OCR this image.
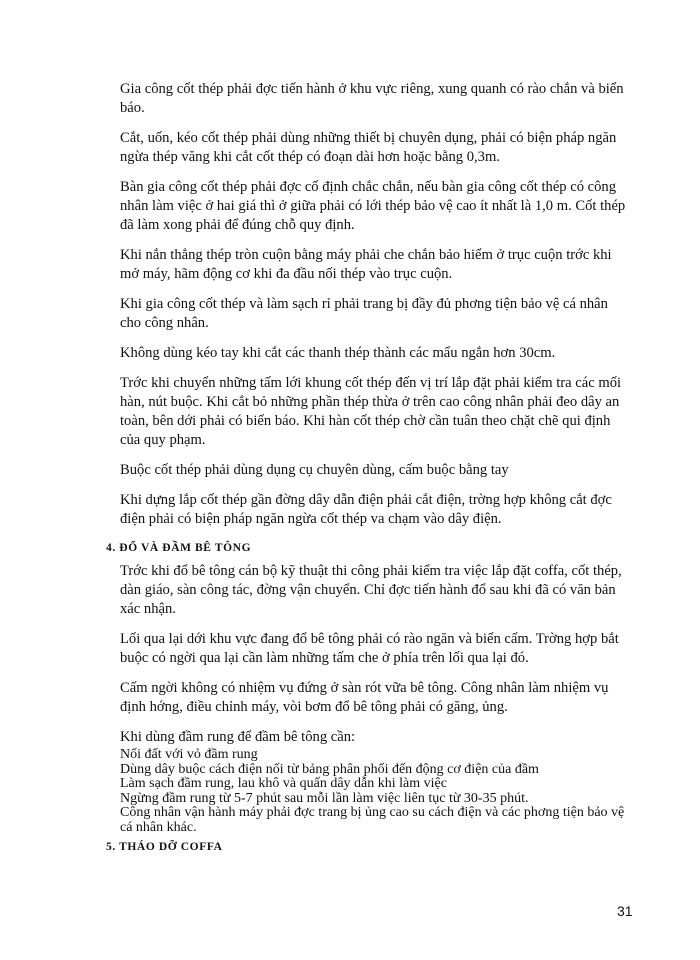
Gia công cốt thép phải đợc tiến hành ở khu vực riêng, xung quanh có rào chắn và biển báo.

Cắt, uốn, kéo cốt thép phải dùng những thiết bị chuyên dụng, phải có biện pháp ngăn ngừa thép văng khi cắt cốt thép có đoạn dài hơn hoặc bằng 0,3m.

Bàn gia công cốt thép phải đợc cố định chắc chắn, nếu bàn gia công cốt thép có công nhân làm việc ở hai giá thì ở giữa phải có lới thép bảo vệ cao ít nhất là 1,0 m. Cốt thép đã làm xong phải để đúng chỗ quy định.

Khi nắn thẳng thép tròn cuộn bằng máy phải che chắn bảo hiểm ở trục cuộn trớc khi mở máy, hãm động cơ khi đa đầu nối thép vào trục cuộn.

Khi gia công cốt thép và làm sạch rỉ phải trang bị đầy đủ phơng tiện bảo vệ cá nhân cho công nhân.

Không dùng kéo tay khi cắt các thanh thép thành các mẩu ngắn hơn 30cm.

Trớc khi chuyển những tấm lới khung cốt thép đến vị trí lắp đặt phải kiểm tra các mối hàn, nút buộc. Khi cắt bỏ những phần thép thừa ở trên cao công nhân phải đeo dây an toàn, bên dới phải có biển báo. Khi hàn cốt thép chờ cần tuân theo chặt chẽ qui định của quy phạm.

Buộc cốt thép phải dùng dụng cụ chuyên dùng, cấm buộc bằng tay

Khi dựng lắp cốt thép gần đờng dây dẫn điện phải cắt điện, trờng hợp không cắt đợc điện phải có biện pháp ngăn ngừa cốt thép va chạm vào dây điện.

4. ĐỔ VÀ ĐẦM BÊ TÔNG

Trớc khi đổ bê tông cán bộ kỹ thuật thi công phải kiểm tra việc lắp đặt coffa, cốt thép, dàn giáo, sàn công tác, đờng vận chuyển. Chỉ đợc tiến hành đổ sau khi đã có văn bản xác nhận.

Lối qua lại dới khu vực đang đổ bê tông phải có rào ngăn và biển cấm. Trờng hợp bắt buộc có ngời qua lại cần làm những tấm che ở phía trên lối qua lại đó.

Cấm ngời không có nhiệm vụ đứng ở sàn rót vữa bê tông. Công nhân làm nhiệm vụ định hớng, điều chỉnh máy, vòi bơm đổ bê tông phải có găng, ủng.

Khi dùng đầm rung để đầm bê tông cần:

Nối đất với vỏ đầm rung
Dùng dây buộc cách điện nối từ bảng phân phối đến động cơ điện của đầm
Làm sạch đầm rung, lau khô và quấn dây dẫn khi làm việc
Ngừng đầm rung từ 5-7 phút sau mỗi lần làm việc liên tục từ 30-35 phút.
Công nhân vận hành máy phải đợc trang bị ủng cao su cách điện và các phơng tiện bảo vệ cá nhân khác.
5. THÁO DỠ COFFA
31
